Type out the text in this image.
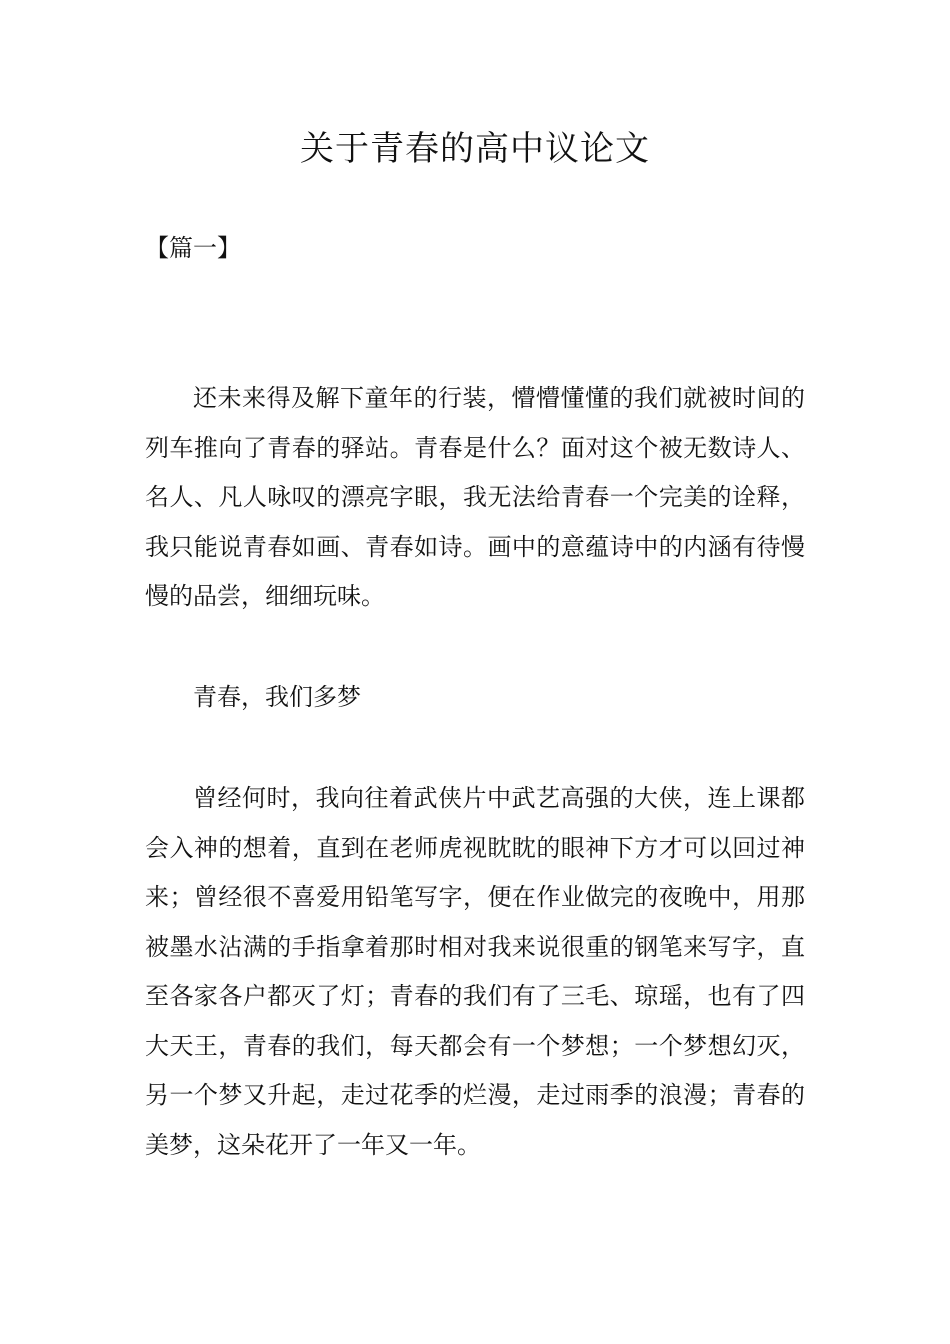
关于青春的高中议论文

【篇一】

还未来得及解下童年的行装，懵懵懂懂的我们就被时间的列车推向了青春的驿站。青春是什么？面对这个被无数诗人、名人、凡人咏叹的漂亮字眼，我无法给青春一个完美的诠释，我只能说青春如画、青春如诗。画中的意蕴诗中的内涵有待慢慢的品尝，细细玩味。

青春，我们多梦

曾经何时，我向往着武侠片中武艺高强的大侠，连上课都会入神的想着，直到在老师虎视眈眈的眼神下方才可以回过神来；曾经很不喜爱用铅笔写字，便在作业做完的夜晚中，用那被墨水沾满的手指拿着那时相对我来说很重的钢笔来写字，直至各家各户都灭了灯；青春的我们有了三毛、琼瑶，也有了四大天王，青春的我们，每天都会有一个梦想；一个梦想幻灭，另一个梦又升起，走过花季的烂漫，走过雨季的浪漫；青春的美梦，这朵花开了一年又一年。
